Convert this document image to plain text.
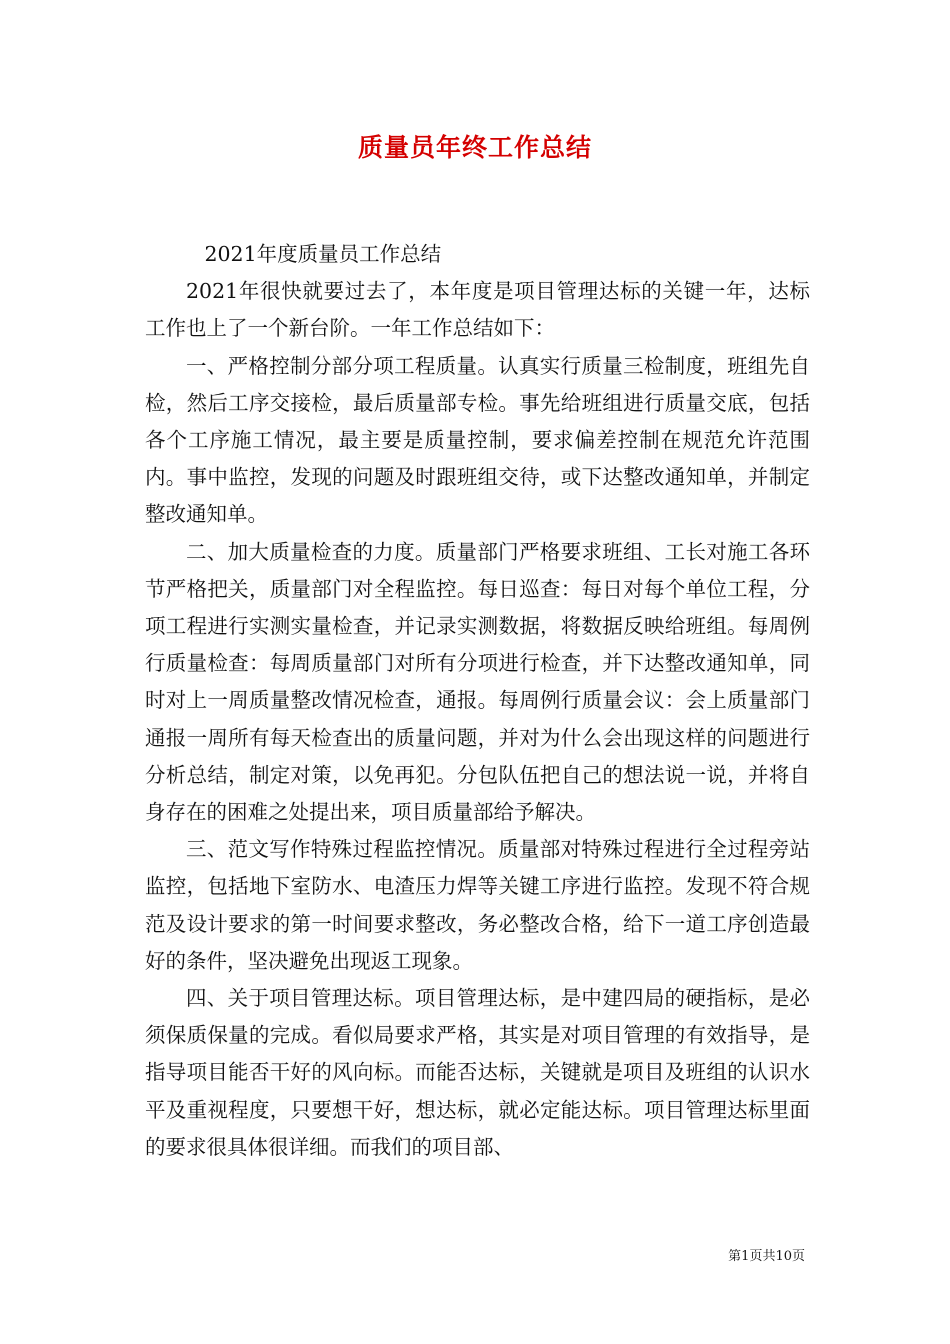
质量员年终工作总结

2021年度质量员工作总结

2021年很快就要过去了，本年度是项目管理达标的关键一年，达标工作也上了一个新台阶。一年工作总结如下：

一、严格控制分部分项工程质量。认真实行质量三检制度，班组先自检，然后工序交接检，最后质量部专检。事先给班组进行质量交底，包括各个工序施工情况，最主要是质量控制，要求偏差控制在规范允许范围内。事中监控，发现的问题及时跟班组交待，或下达整改通知单，并制定整改通知单。

二、加大质量检查的力度。质量部门严格要求班组、工长对施工各环节严格把关，质量部门对全程监控。每日巡查：每日对每个单位工程，分项工程进行实测实量检查，并记录实测数据，将数据反映给班组。每周例行质量检查：每周质量部门对所有分项进行检查，并下达整改通知单，同时对上一周质量整改情况检查，通报。每周例行质量会议：会上质量部门通报一周所有每天检查出的质量问题，并对为什么会出现这样的问题进行分析总结，制定对策，以免再犯。分包队伍把自己的想法说一说，并将自身存在的困难之处提出来，项目质量部给予解决。

三、范文写作特殊过程监控情况。质量部对特殊过程进行全过程旁站监控，包括地下室防水、电渣压力焊等关键工序进行监控。发现不符合规范及设计要求的第一时间要求整改，务必整改合格，给下一道工序创造最好的条件，坚决避免出现返工现象。

四、关于项目管理达标。项目管理达标，是中建四局的硬指标，是必须保质保量的完成。看似局要求严格，其实是对项目管理的有效指导，是指导项目能否干好的风向标。而能否达标，关键就是项目及班组的认识水平及重视程度，只要想干好，想达标，就必定能达标。项目管理达标里面的要求很具体很详细。而我们的项目部、

第1页共10页
